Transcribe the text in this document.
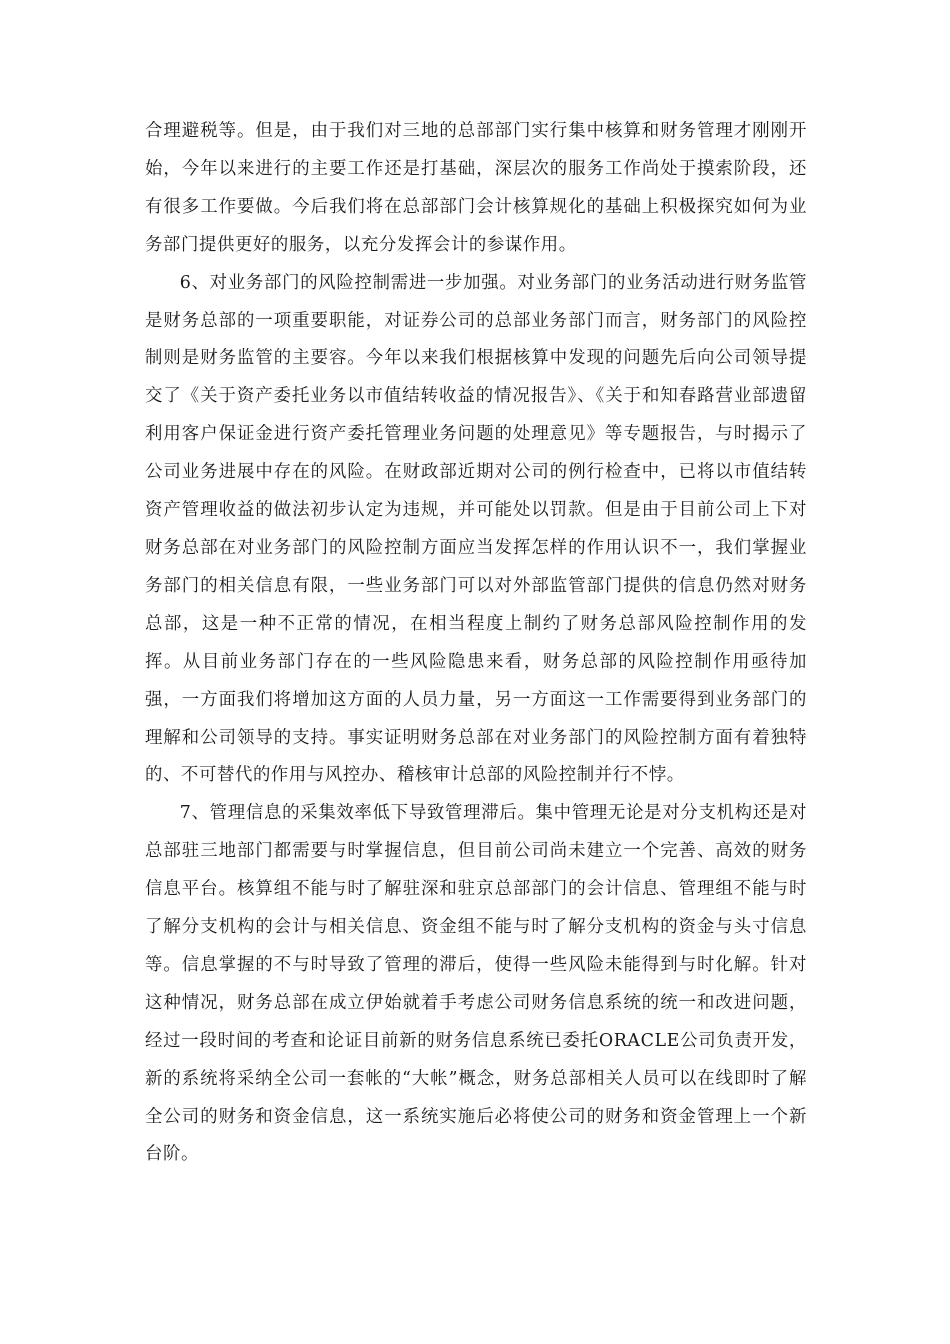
合理避税等。但是，由于我们对三地的总部部门实行集中核算和财务管理才刚刚开始，今年以来进行的主要工作还是打基础，深层次的服务工作尚处于摸索阶段，还有很多工作要做。今后我们将在总部部门会计核算规化的基础上积极探究如何为业务部门提供更好的服务，以充分发挥会计的参谋作用。

6、对业务部门的风险控制需进一步加强。对业务部门的业务活动进行财务监管是财务总部的一项重要职能，对证券公司的总部业务部门而言，财务部门的风险控制则是财务监管的主要容。今年以来我们根据核算中发现的问题先后向公司领导提交了《关于资产委托业务以市值结转收益的情况报告》、《关于和知春路营业部遗留利用客户保证金进行资产委托管理业务问题的处理意见》等专题报告，与时揭示了公司业务进展中存在的风险。在财政部近期对公司的例行检查中，已将以市值结转资产管理收益的做法初步认定为违规，并可能处以罚款。但是由于目前公司上下对财务总部在对业务部门的风险控制方面应当发挥怎样的作用认识不一，我们掌握业务部门的相关信息有限，一些业务部门可以对外部监管部门提供的信息仍然对财务总部，这是一种不正常的情况，在相当程度上制约了财务总部风险控制作用的发挥。从目前业务部门存在的一些风险隐患来看，财务总部的风险控制作用亟待加强，一方面我们将增加这方面的人员力量，另一方面这一工作需要得到业务部门的理解和公司领导的支持。事实证明财务总部在对业务部门的风险控制方面有着独特的、不可替代的作用与风控办、稽核审计总部的风险控制并行不悖。

7、管理信息的采集效率低下导致管理滞后。集中管理无论是对分支机构还是对总部驻三地部门都需要与时掌握信息，但目前公司尚未建立一个完善、高效的财务信息平台。核算组不能与时了解驻深和驻京总部部门的会计信息、管理组不能与时了解分支机构的会计与相关信息、资金组不能与时了解分支机构的资金与头寸信息等。信息掌握的不与时导致了管理的滞后，使得一些风险未能得到与时化解。针对这种情况，财务总部在成立伊始就着手考虑公司财务信息系统的统一和改进问题，经过一段时间的考查和论证目前新的财务信息系统已委托ORACLE公司负责开发，新的系统将采纳全公司一套帐的“大帐”概念，财务总部相关人员可以在线即时了解全公司的财务和资金信息，这一系统实施后必将使公司的财务和资金管理上一个新台阶。
